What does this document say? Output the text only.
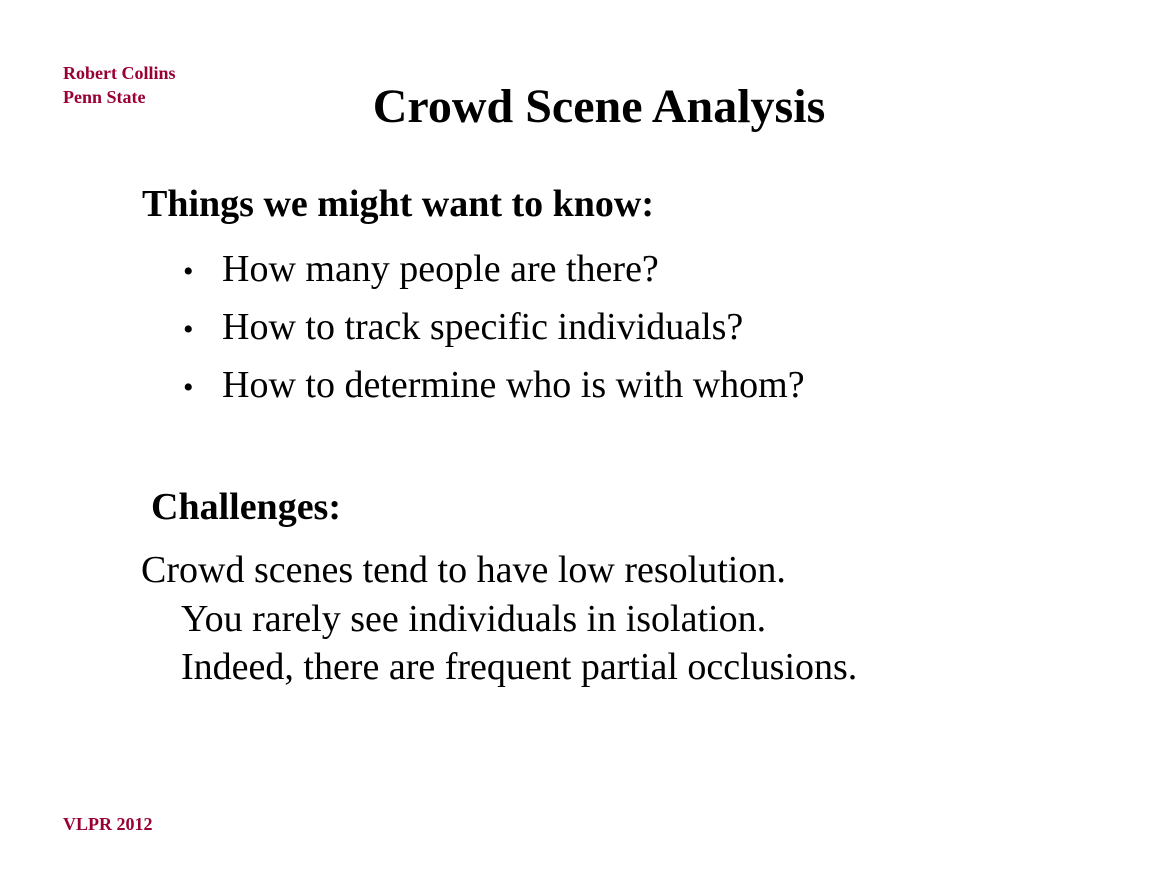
Robert Collins
Penn State	Crowd Scene Analysis
Things we might want to know:
• How many people are there?
• How to track specific individuals?
• How to determine who is with whom?
Challenges:
Crowd scenes tend to have low resolution.
You rarely see individuals in isolation.
Indeed, there are frequent partial occlusions.
VLPR 2012
